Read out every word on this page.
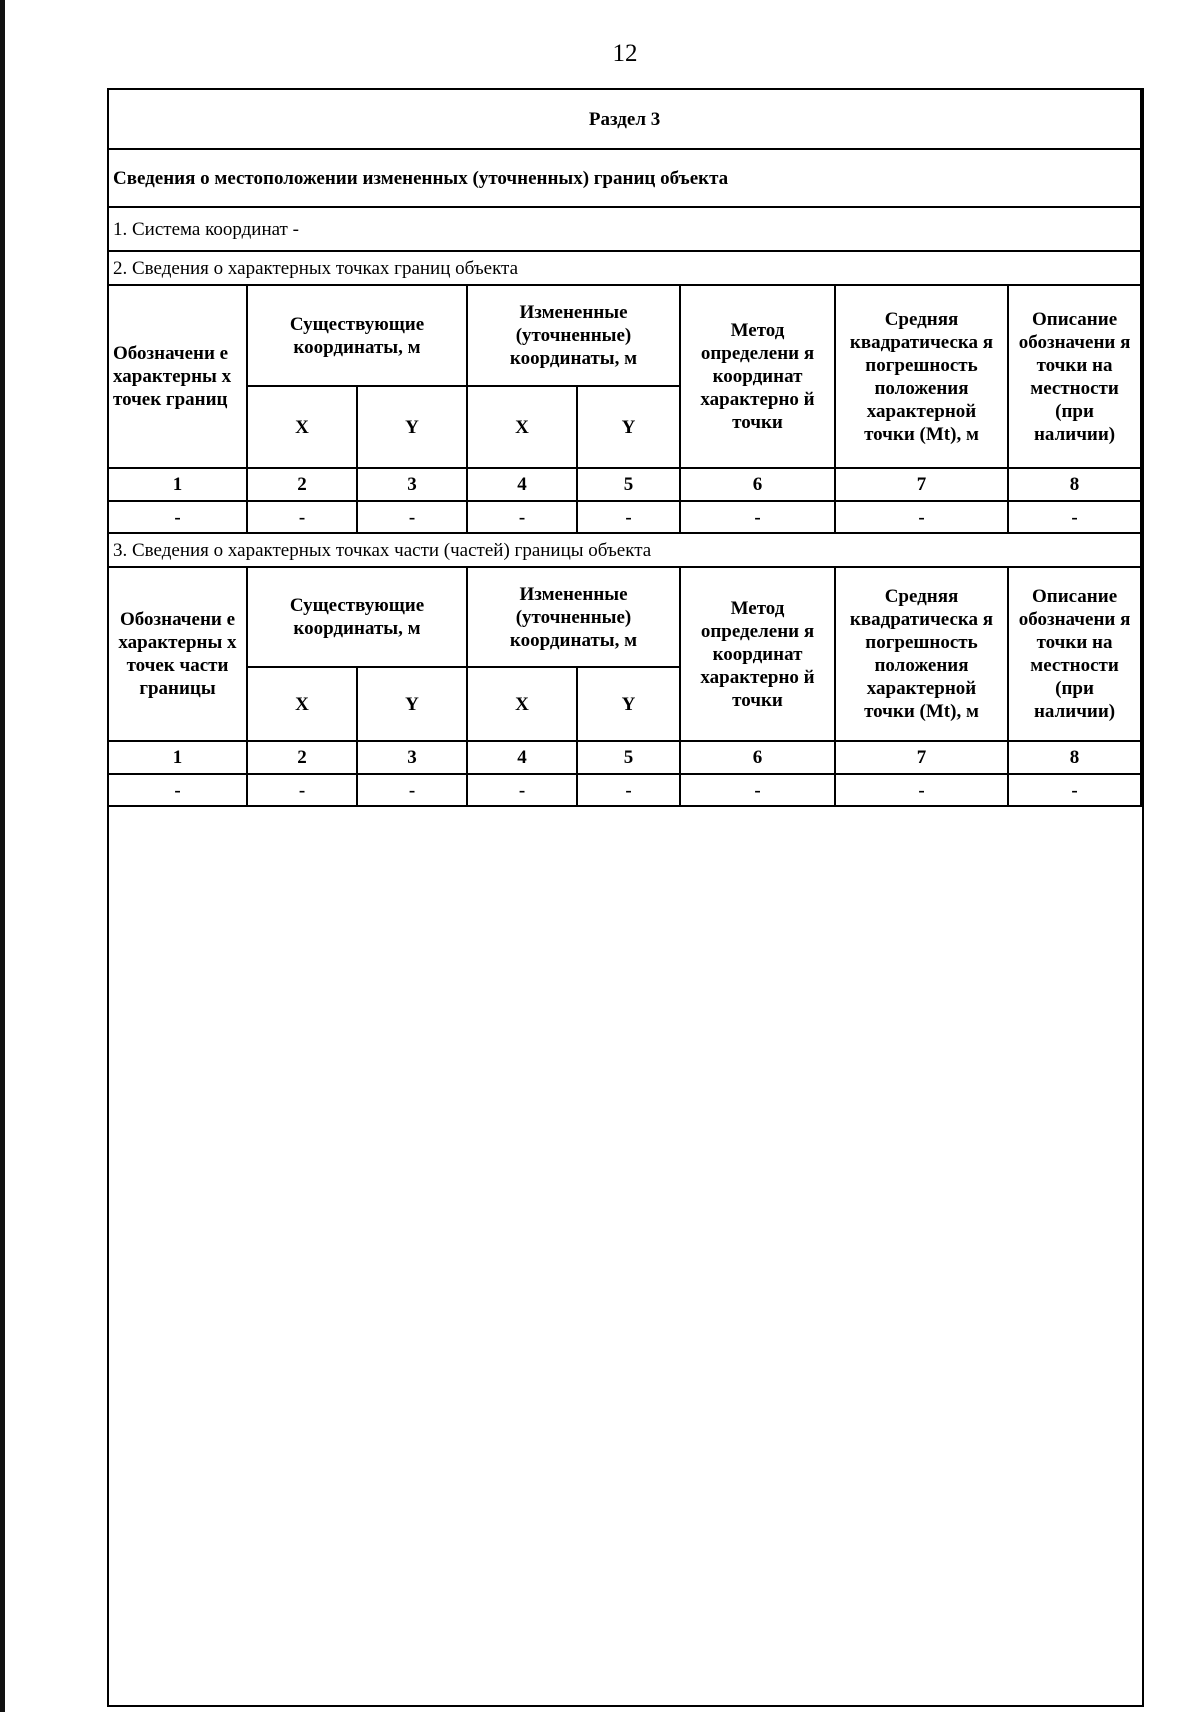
12
Раздел 3							
Сведения о местоположении измененных (уточненных) границ объекта							
1. Система координат -							
2. Сведения о характерных точках границ объекта							
Обозначени е характерны х точек границ	Существующие координаты, м		Измененные (уточненные) координаты, м		Метод определени я координат характерно й точки	Средняя квадратическа я погрешность положения характерной точки (Mt), м	Описание обозначени я точки на местности (при наличии)
	X	Y	X	Y			
1	2	3	4	5	6	7	8
-	-	-	-	-	-	-	-
3. Сведения о характерных точках части (частей) границы объекта							
Обозначени е характерны х точек части границы	Существующие координаты, м		Измененные (уточненные) координаты, м		Метод определени я координат характерно й точки	Средняя квадратическа я погрешность положения характерной точки (Mt), м	Описание обозначени я точки на местности (при наличии)
	X	Y	X	Y			
1	2	3	4	5	6	7	8
-	-	-	-	-	-	-	-
